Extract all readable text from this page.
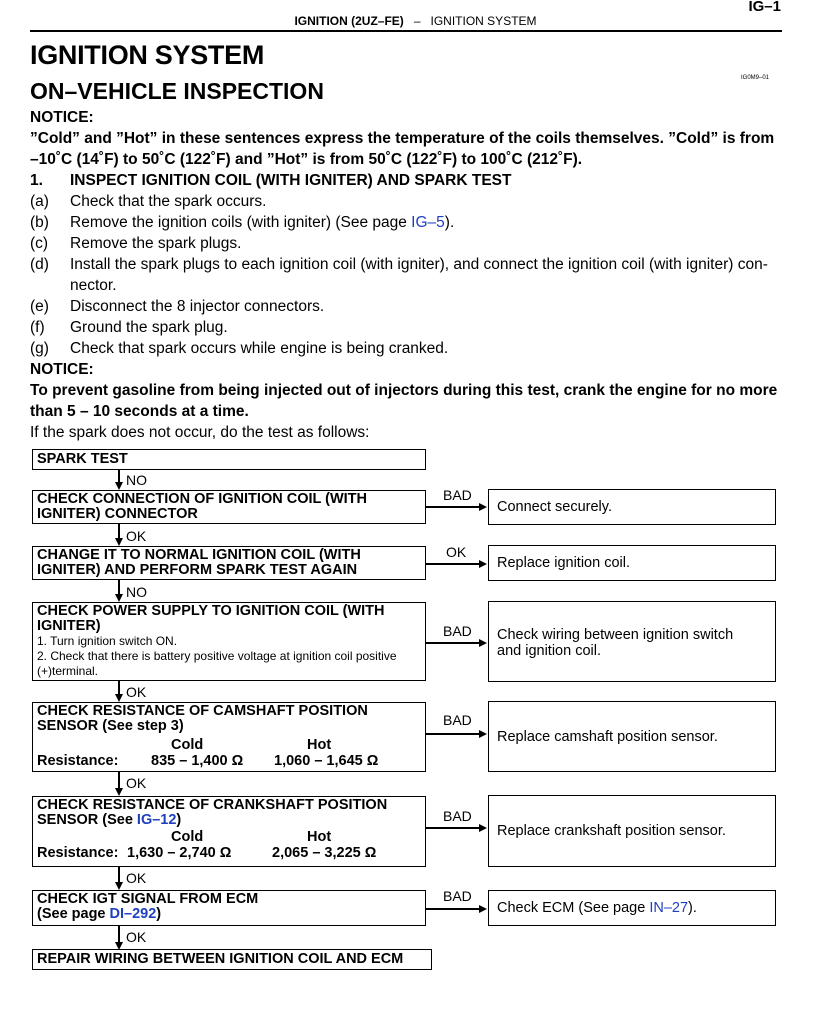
IG–1
IGNITION (2UZ–FE) – IGNITION SYSTEM
IGNITION SYSTEM
ON–VEHICLE INSPECTION	IG0M9–01
NOTICE:
”Cold” and ”Hot” in these sentences express the temperature of the coils themselves. ”Cold” is from
–10˚C (14˚F) to 50˚C (122˚F) and ”Hot” is from 50˚C (122˚F) to 100˚C (212˚F).
1. INSPECT IGNITION COIL (WITH IGNITER) AND SPARK TEST
(a) Check that the spark occurs.
(b) Remove the ignition coils (with igniter) (See page IG–5).
(c) Remove the spark plugs.
(d) Install the spark plugs to each ignition coil (with igniter), and connect the ignition coil (with igniter) con-
nector.
(e) Disconnect the 8 injector connectors.
(f) Ground the spark plug.
(g) Check that spark occurs while engine is being cranked.
NOTICE:
To prevent gasoline from being injected out of injectors during this test, crank the engine for no more
than 5 – 10 seconds at a time.
If the spark does not occur, do the test as follows:
SPARK TEST
NO
CHECK CONNECTION OF IGNITION COIL (WITH
IGNITER) CONNECTOR
BAD
Connect securely.
OK
CHANGE IT TO NORMAL IGNITION COIL (WITH
IGNITER) AND PERFORM SPARK TEST AGAIN
OK
Replace ignition coil.
NO
CHECK POWER SUPPLY TO IGNITION COIL (WITH
IGNITER)
1. Turn ignition switch ON.
2. Check that there is battery positive voltage at ignition coil positive
(+)terminal.
BAD Check wiring between ignition switch
and ignition coil.
OK
CHECK RESISTANCE OF CAMSHAFT POSITION
SENSOR (See step 3)
Cold	Hot
Resistance: 835 – 1,400 Ω 1,060 – 1,645 Ω
BAD
Replace camshaft position sensor.
OK
CHECK RESISTANCE OF CRANKSHAFT POSITION
SENSOR (See IG–12)
Cold	Hot
Resistance: 1,630 – 2,740 Ω	2,065 – 3,225 Ω
BAD
Replace crankshaft position sensor.
OK
CHECK IGT SIGNAL FROM ECM
(See page DI–292)
BAD
Check ECM (See page IN–27).
OK
REPAIR WIRING BETWEEN IGNITION COIL AND ECM
